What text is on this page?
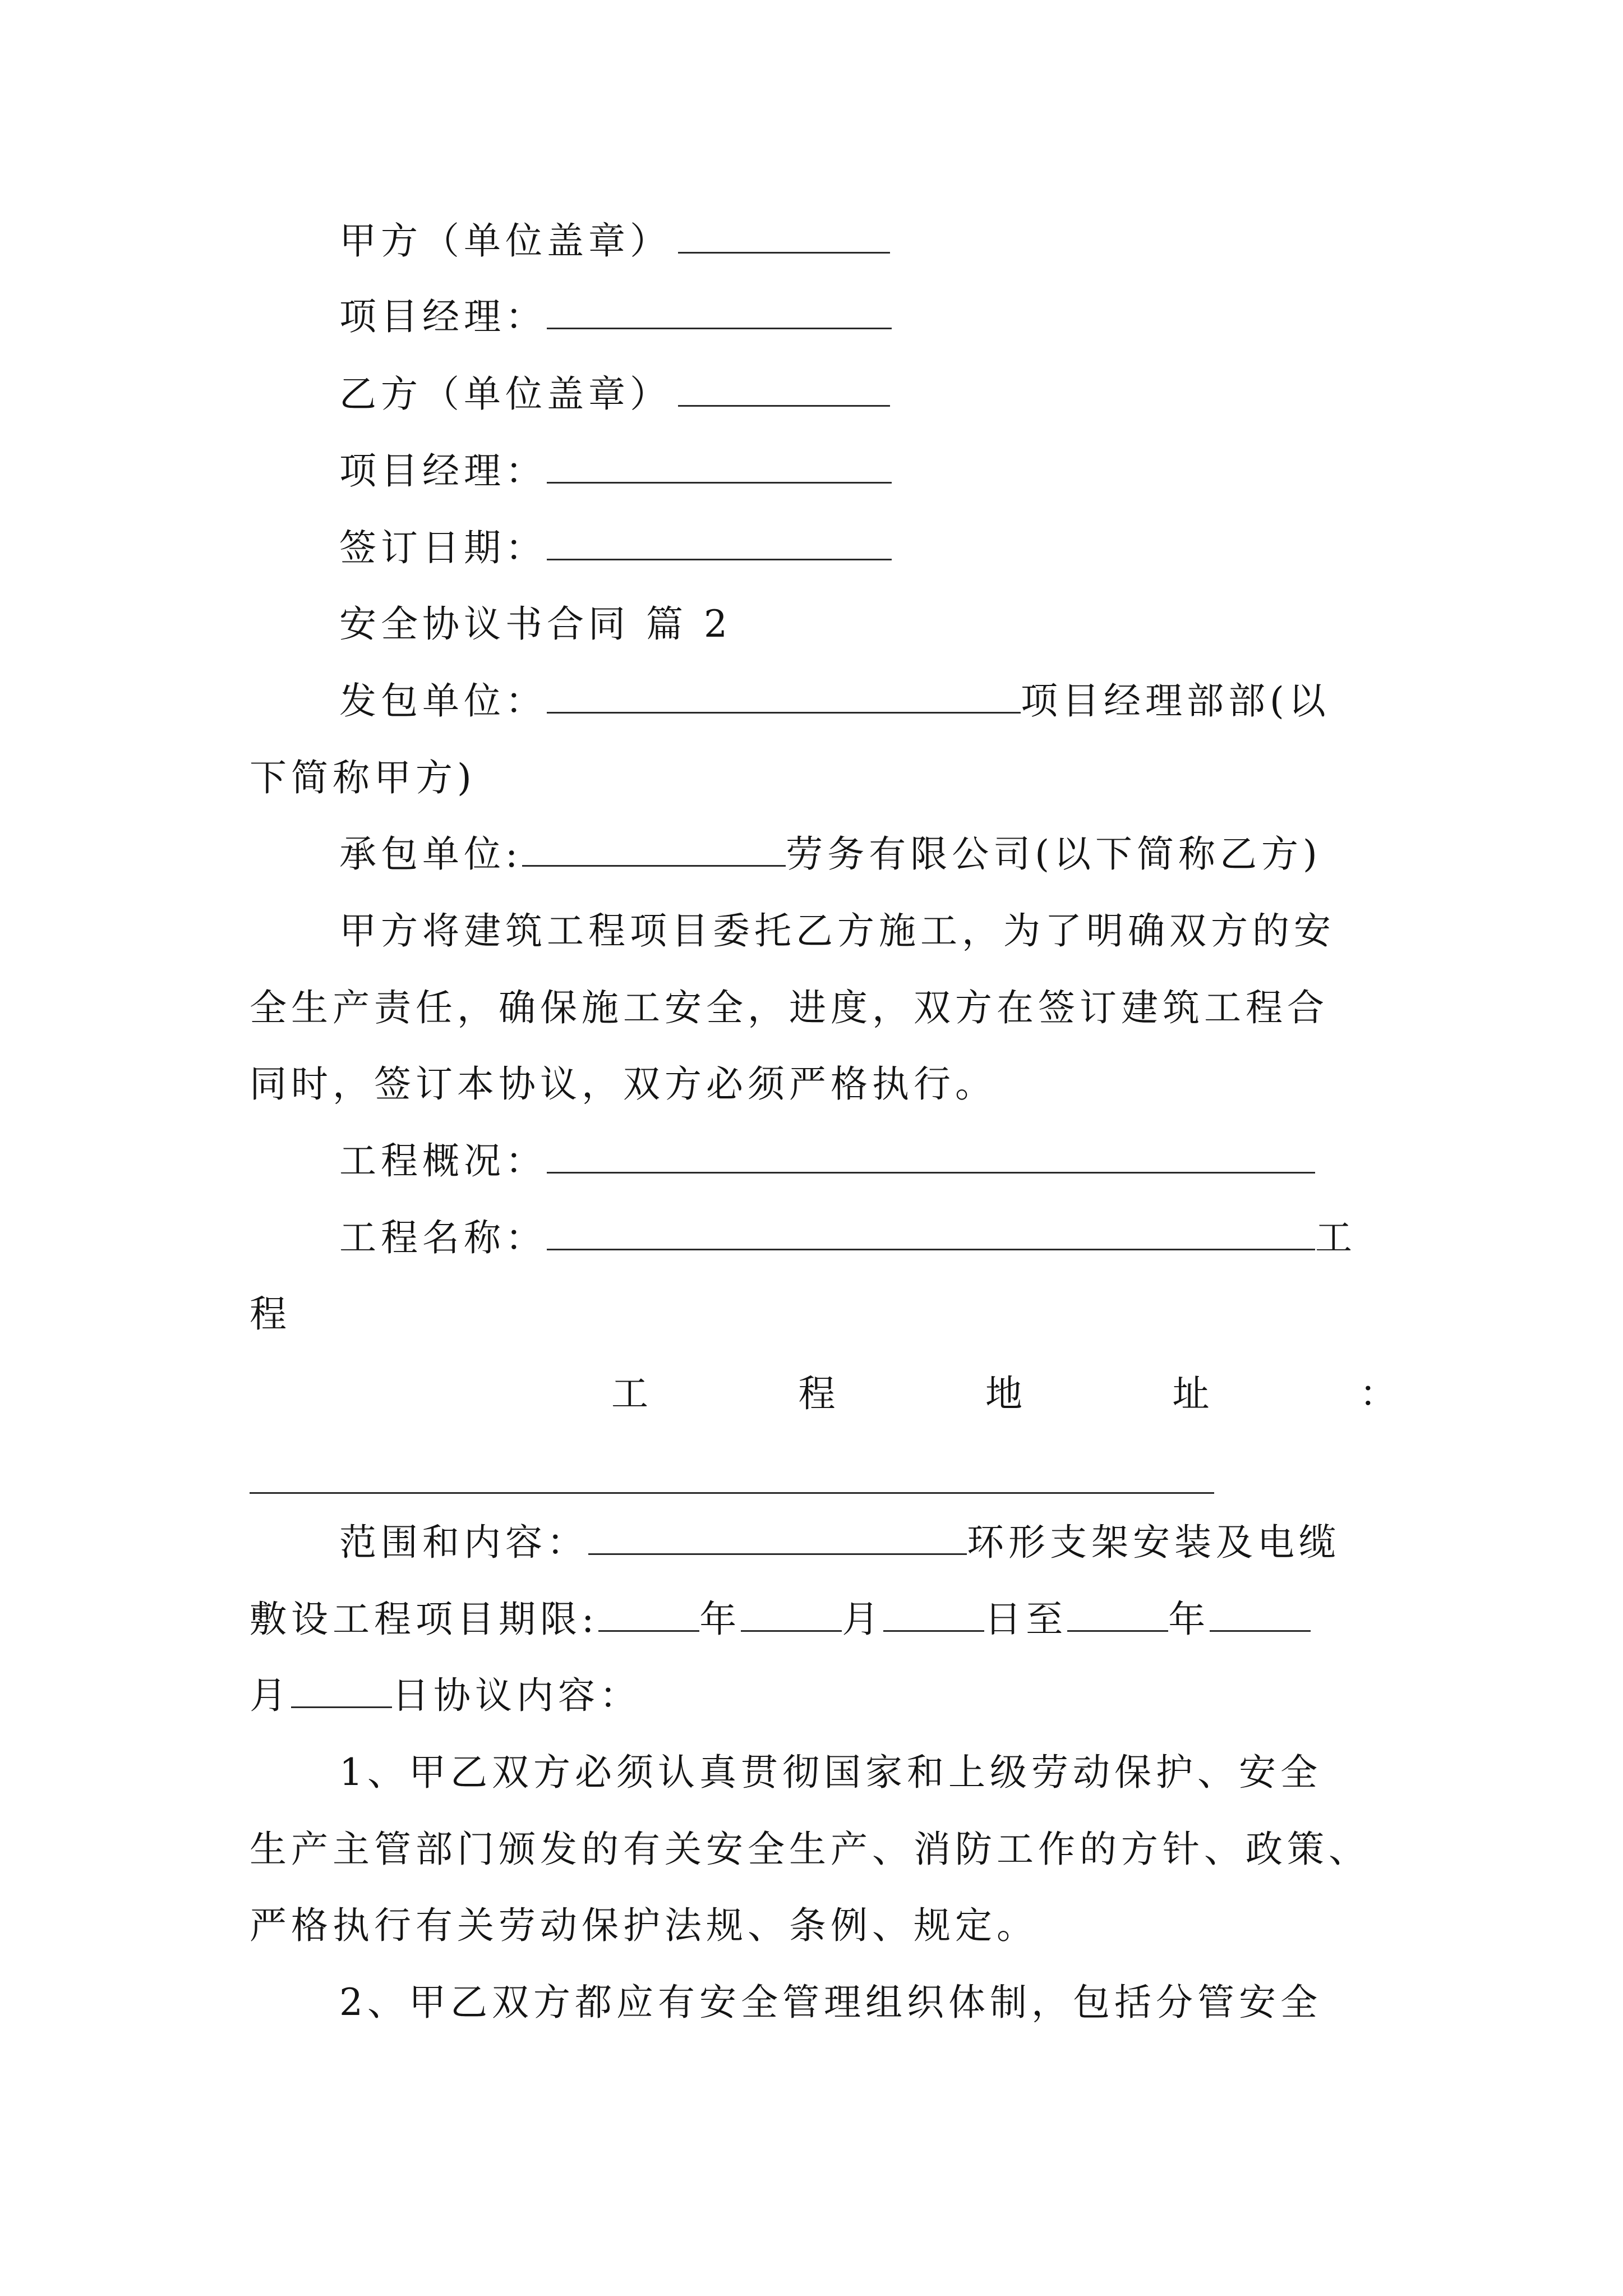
甲方（单位盖章）
项目经理：
乙方（单位盖章）
项目经理：
签订日期：
安全协议书合同 篇 2
发包单位：	项目经理部部(以
下简称甲方)
承包单位:	劳务有限公司(以下简称乙方)
甲方将建筑工程项目委托乙方施工，为了明确双方的安
全生产责任，确保施工安全，进度，双方在签订建筑工程合
同时，签订本协议，双方必须严格执行。
工程概况：
工程名称：	工
程
工	程	地	址	：
范围和内容：	环形支架安装及电缆
敷设工程项目期限:	年	月	日至	年
月	日协议内容：
1、甲乙双方必须认真贯彻国家和上级劳动保护、安全
生产主管部门颁发的有关安全生产、消防工作的方针、政策、
严格执行有关劳动保护法规、条例、规定。
2、甲乙双方都应有安全管理组织体制，包括分管安全
